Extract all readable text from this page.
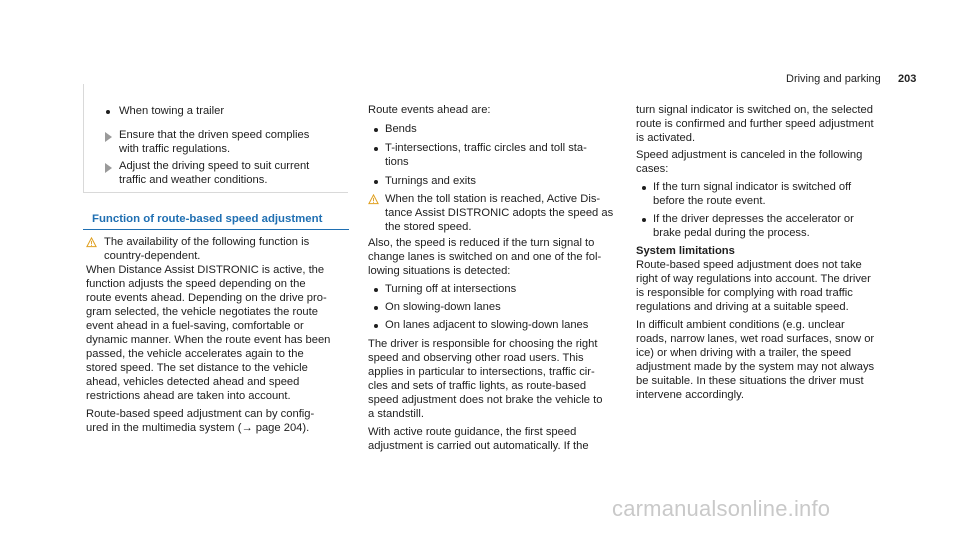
Driving and parking 203
When towing a trailer
Ensure that the driven speed complies
with traffic regulations.
Adjust the driving speed to suit current
traffic and weather conditions.
Function of route-based speed adjustment
The availability of the following function is
country-dependent.
When Distance Assist DISTRONIC is active, the
function adjusts the speed depending on the
route events ahead. Depending on the drive pro-
gram selected, the vehicle negotiates the route
event ahead in a fuel-saving, comfortable or
dynamic manner. When the route event has been
passed, the vehicle accelerates again to the
stored speed. The set distance to the vehicle
ahead, vehicles detected ahead and speed
restrictions ahead are taken into account.
Route-based speed adjustment can by config-
ured in the multimedia system (→ page 204).
Route events ahead are:
Bends
T-intersections, traffic circles and toll sta-
tions
Turnings and exits
When the toll station is reached, Active Dis-
tance Assist DISTRONIC adopts the speed as
the stored speed.
Also, the speed is reduced if the turn signal to
change lanes is switched on and one of the fol-
lowing situations is detected:
Turning off at intersections
On slowing-down lanes
On lanes adjacent to slowing-down lanes
The driver is responsible for choosing the right
speed and observing other road users. This
applies in particular to intersections, traffic cir-
cles and sets of traffic lights, as route-based
speed adjustment does not brake the vehicle to
a standstill.
With active route guidance, the first speed
adjustment is carried out automatically. If the
turn signal indicator is switched on, the selected
route is confirmed and further speed adjustment
is activated.
Speed adjustment is canceled in the following
cases:
If the turn signal indicator is switched off
before the route event.
If the driver depresses the accelerator or
brake pedal during the process.
System limitations
Route-based speed adjustment does not take
right of way regulations into account. The driver
is responsible for complying with road traffic
regulations and driving at a suitable speed.
In difficult ambient conditions (e.g. unclear
roads, narrow lanes, wet road surfaces, snow or
ice) or when driving with a trailer, the speed
adjustment made by the system may not always
be suitable. In these situations the driver must
intervene accordingly.
carmanualsonline.info
